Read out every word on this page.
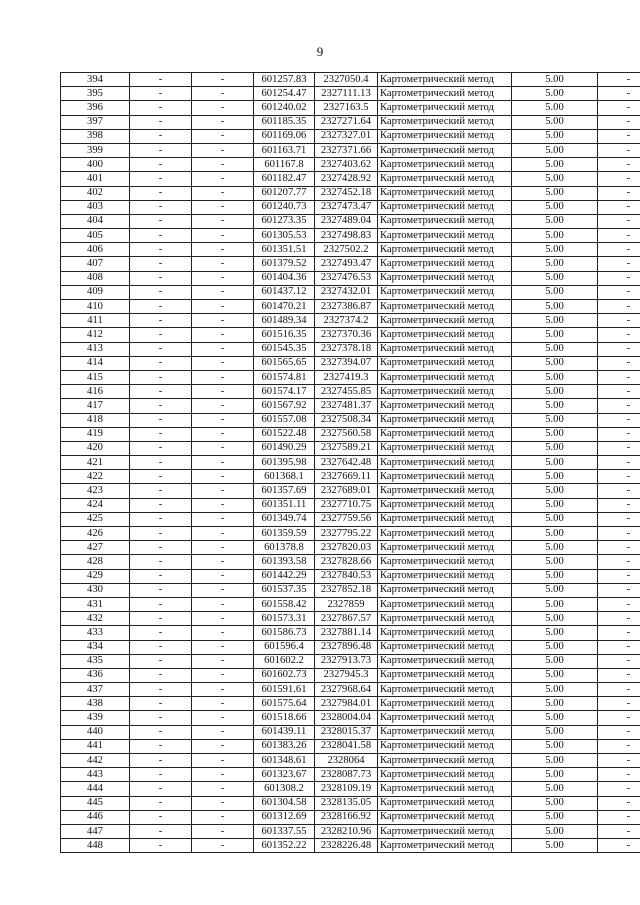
9
394	-	-	601257.83	2327050.4	Картометрический метод	5.00	-
395	-	-	601254.47	2327111.13	Картометрический метод	5.00	-
396	-	-	601240.02	2327163.5	Картометрический метод	5.00	-
397	-	-	601185.35	2327271.64	Картометрический метод	5.00	-
398	-	-	601169.06	2327327.01	Картометрический метод	5.00	-
399	-	-	601163.71	2327371.66	Картометрический метод	5.00	-
400	-	-	601167.8	2327403.62	Картометрический метод	5.00	-
401	-	-	601182.47	2327428.92	Картометрический метод	5.00	-
402	-	-	601207.77	2327452.18	Картометрический метод	5.00	-
403	-	-	601240.73	2327473.47	Картометрический метод	5.00	-
404	-	-	601273.35	2327489.04	Картометрический метод	5.00	-
405	-	-	601305.53	2327498.83	Картометрический метод	5.00	-
406	-	-	601351.51	2327502.2	Картометрический метод	5.00	-
407	-	-	601379.52	2327493.47	Картометрический метод	5.00	-
408	-	-	601404.36	2327476.53	Картометрический метод	5.00	-
409	-	-	601437.12	2327432.01	Картометрический метод	5.00	-
410	-	-	601470.21	2327386.87	Картометрический метод	5.00	-
411	-	-	601489.34	2327374.2	Картометрический метод	5.00	-
412	-	-	601516.35	2327370.36	Картометрический метод	5.00	-
413	-	-	601545.35	2327378.18	Картометрический метод	5.00	-
414	-	-	601565.65	2327394.07	Картометрический метод	5.00	-
415	-	-	601574.81	2327419.3	Картометрический метод	5.00	-
416	-	-	601574.17	2327455.85	Картометрический метод	5.00	-
417	-	-	601567.92	2327481.37	Картометрический метод	5.00	-
418	-	-	601557.08	2327508.34	Картометрический метод	5.00	-
419	-	-	601522.48	2327560.58	Картометрический метод	5.00	-
420	-	-	601490.29	2327589.21	Картометрический метод	5.00	-
421	-	-	601395.98	2327642.48	Картометрический метод	5.00	-
422	-	-	601368.1	2327669.11	Картометрический метод	5.00	-
423	-	-	601357.69	2327689.01	Картометрический метод	5.00	-
424	-	-	601351.11	2327710.75	Картометрический метод	5.00	-
425	-	-	601349.74	2327759.56	Картометрический метод	5.00	-
426	-	-	601359.59	2327795.22	Картометрический метод	5.00	-
427	-	-	601378.8	2327820.03	Картометрический метод	5.00	-
428	-	-	601393.58	2327828.66	Картометрический метод	5.00	-
429	-	-	601442.29	2327840.53	Картометрический метод	5.00	-
430	-	-	601537.35	2327852.18	Картометрический метод	5.00	-
431	-	-	601558.42	2327859	Картометрический метод	5.00	-
432	-	-	601573.31	2327867.57	Картометрический метод	5.00	-
433	-	-	601586.73	2327881.14	Картометрический метод	5.00	-
434	-	-	601596.4	2327896.48	Картометрический метод	5.00	-
435	-	-	601602.2	2327913.73	Картометрический метод	5.00	-
436	-	-	601602.73	2327945.3	Картометрический метод	5.00	-
437	-	-	601591.61	2327968.64	Картометрический метод	5.00	-
438	-	-	601575.64	2327984.01	Картометрический метод	5.00	-
439	-	-	601518.66	2328004.04	Картометрический метод	5.00	-
440	-	-	601439.11	2328015.37	Картометрический метод	5.00	-
441	-	-	601383.26	2328041.58	Картометрический метод	5.00	-
442	-	-	601348.61	2328064	Картометрический метод	5.00	-
443	-	-	601323.67	2328087.73	Картометрический метод	5.00	-
444	-	-	601308.2	2328109.19	Картометрический метод	5.00	-
445	-	-	601304.58	2328135.05	Картометрический метод	5.00	-
446	-	-	601312.69	2328166.92	Картометрический метод	5.00	-
447	-	-	601337.55	2328210.96	Картометрический метод	5.00	-
448	-	-	601352.22	2328226.48	Картометрический метод	5.00	-
